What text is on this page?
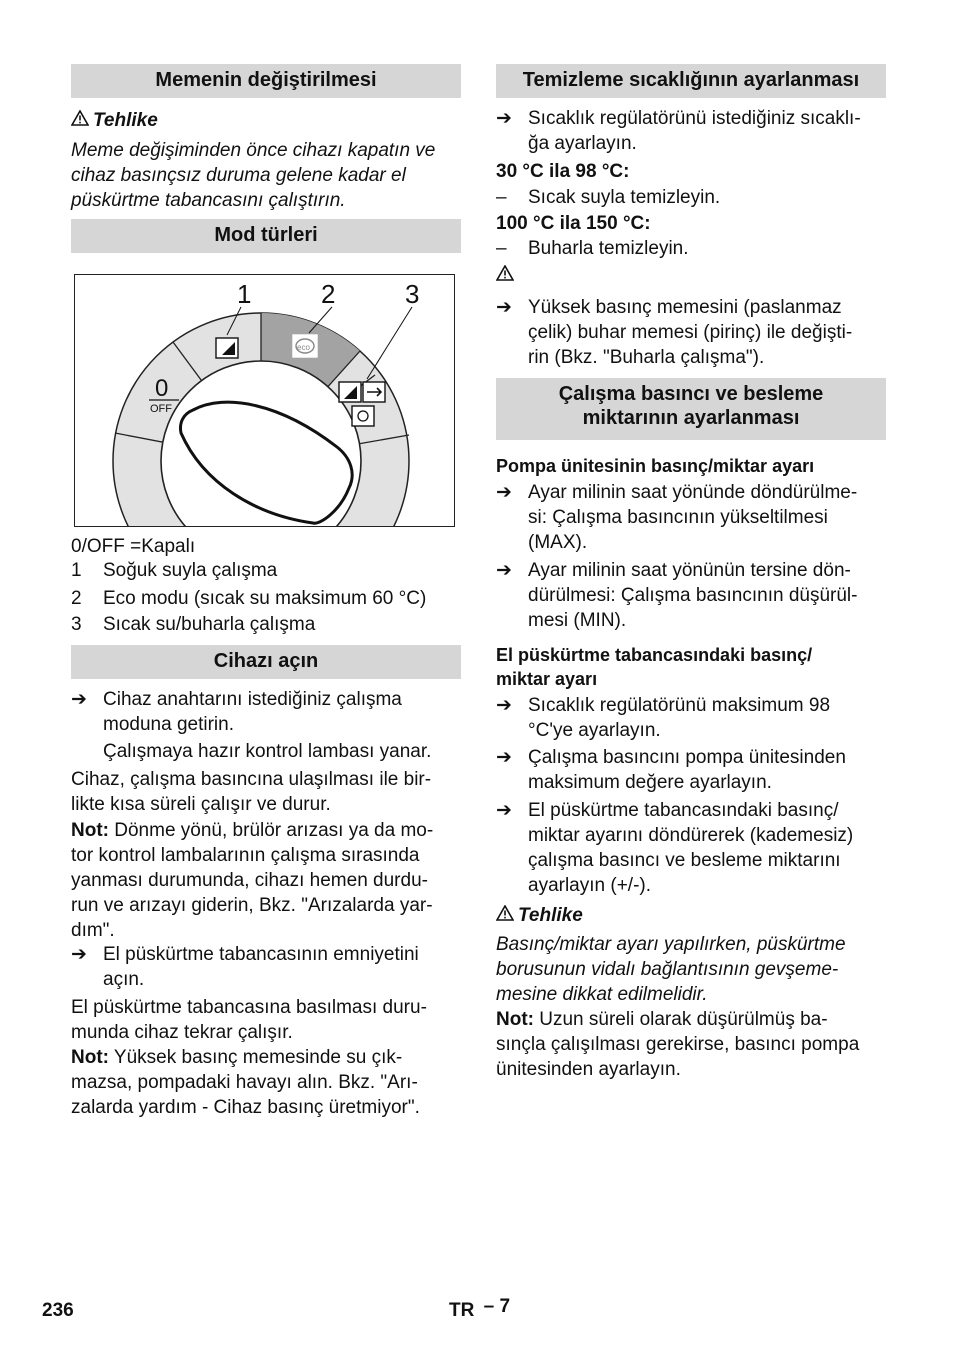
Memenin değiştirilmesi
Tehlike
Meme değişiminden önce cihazı kapatın ve
cihaz basınçsız duruma gelene kadar el
püskürtme tabancasını çalıştırın.
Mod türleri
0/OFF =Kapalı
1 Soğuk suyla çalışma
2 Eco modu (sıcak su maksimum 60 °C)
3 Sıcak su/buharla çalışma
Cihazı açın
➔ Cihaz anahtarını istediğiniz çalışma
moduna getirin.
Çalışmaya hazır kontrol lambası yanar.
Cihaz, çalışma basıncına ulaşılması ile bir-
likte kısa süreli çalışır ve durur.
Not: Dönme yönü, brülör arızası ya da mo-
tor kontrol lambalarının çalışma sırasında
yanması durumunda, cihazı hemen durdu-
run ve arızayı giderin, Bkz. "Arızalarda yar-
dım".
➔ El püskürtme tabancasının emniyetini
açın.
El püskürtme tabancasına basılması duru-
munda cihaz tekrar çalışır.
Not: Yüksek basınç memesinde su çık-
mazsa, pompadaki havayı alın. Bkz. "Arı-
zalarda yardım - Cihaz basınç üretmiyor".
1	2	3
0
OFF
eco
Temizleme sıcaklığının ayarlanması
➔ Sıcaklık regülatörünü istediğiniz sıcaklı-
ğa ayarlayın.
30 °C ila 98 °C:
– Sıcak suyla temizleyin.
100 °C ila 150 °C:
– Buharla temizleyin.
➔ Yüksek basınç memesini (paslanmaz
çelik) buhar memesi (pirinç) ile değişti-
rin (Bkz. "Buharla çalışma").
Çalışma basıncı ve besleme
miktarının ayarlanması
Pompa ünitesinin basınç/miktar ayarı
➔ Ayar milinin saat yönünde döndürülme-
si: Çalışma basıncının yükseltilmesi
(MAX).
➔ Ayar milinin saat yönünün tersine dön-
dürülmesi: Çalışma basıncının düşürül-
mesi (MIN).
El püskürtme tabancasındaki basınç/
miktar ayarı
➔ Sıcaklık regülatörünü maksimum 98
°C'ye ayarlayın.
➔ Çalışma basıncını pompa ünitesinden
maksimum değere ayarlayın.
➔ El püskürtme tabancasındaki basınç/
miktar ayarını döndürerek (kademesiz)
çalışma basıncı ve besleme miktarını
ayarlayın (+/-).
Tehlike
Basınç/miktar ayarı yapılırken, püskürtme
borusunun vidalı bağlantısının gevşeme-
mesine dikkat edilmelidir.
Not: Uzun süreli olarak düşürülmüş ba-
sınçla çalışılması gerekirse, basıncı pompa
ünitesinden ayarlayın.
236	TR – 7
